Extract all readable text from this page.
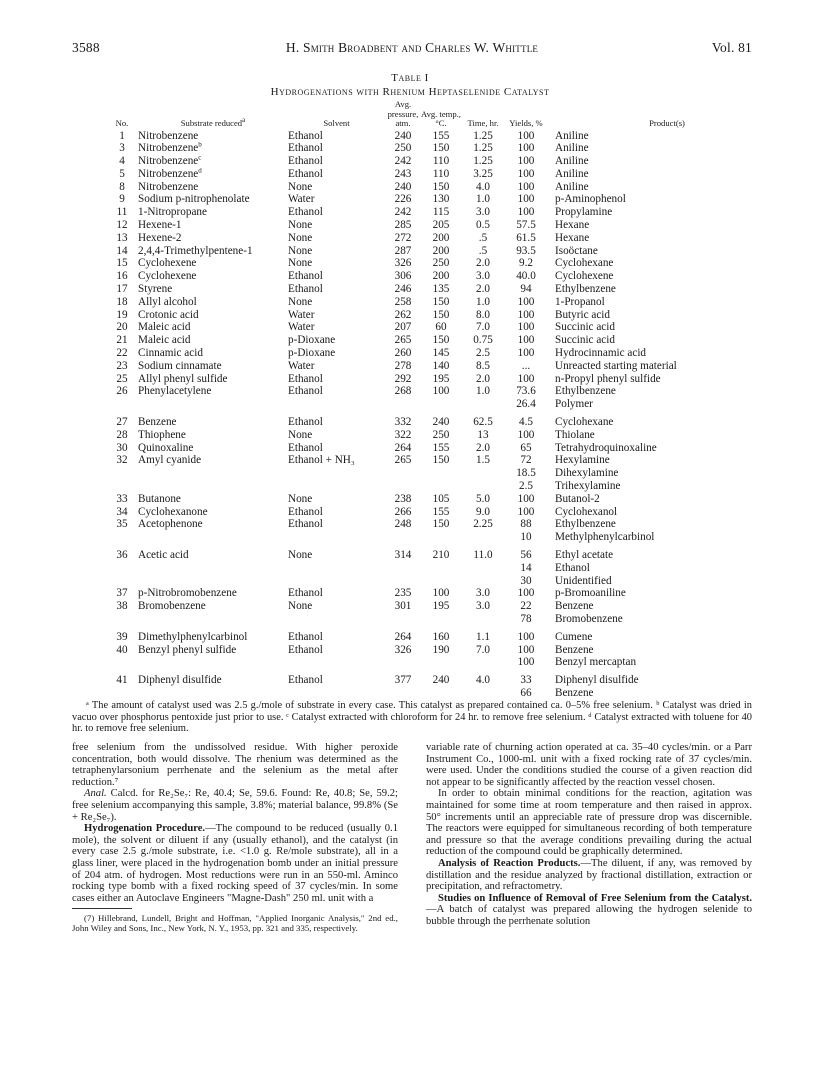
3588	H. Smith Broadbent and Charles W. Whittle	Vol. 81
Table I
Hydrogenations with Rhenium Heptaselenide Catalyst
No.	Substrate reduced$^a$	Solvent	Avg. pressure, atm.	Avg. temp., °C.	Time, hr.	Yields, %	Product(s)
1	Nitrobenzene	Ethanol	240	155	1.25	100	Aniline
3	Nitrobenzene$^b$	Ethanol	250	150	1.25	100	Aniline
4	Nitrobenzene$^c$	Ethanol	242	110	1.25	100	Aniline
5	Nitrobenzene$^d$	Ethanol	243	110	3.25	100	Aniline
8	Nitrobenzene	None	240	150	4.0	100	Aniline
9	Sodium p-nitrophenolate	Water	226	130	1.0	100	p-Aminophenol
11	1-Nitropropane	Ethanol	242	115	3.0	100	Propylamine
12	Hexene-1	None	285	205	0.5	57.5	Hexane
13	Hexene-2	None	272	200	.5	61.5	Hexane
14	2,4,4-Trimethylpentene-1	None	287	200	.5	93.5	Isoöctane
15	Cyclohexene	None	326	250	2.0	9.2	Cyclohexane
16	Cyclohexene	Ethanol	306	200	3.0	40.0	Cyclohexene
17	Styrene	Ethanol	246	135	2.0	94	Ethylbenzene
18	Allyl alcohol	None	258	150	1.0	100	1-Propanol
19	Crotonic acid	Water	262	150	8.0	100	Butyric acid
20	Maleic acid	Water	207	60	7.0	100	Succinic acid
21	Maleic acid	p-Dioxane	265	150	0.75	100	Succinic acid
22	Cinnamic acid	p-Dioxane	260	145	2.5	100	Hydrocinnamic acid
23	Sodium cinnamate	Water	278	140	8.5	...	Unreacted starting material
25	Allyl phenyl sulfide	Ethanol	292	195	2.0	100	n-Propyl phenyl sulfide
26	Phenylacetylene	Ethanol	268	100	1.0	73.6	Ethylbenzene
						26.4	Polymer
27	Benzene	Ethanol	332	240	62.5	4.5	Cyclohexane
28	Thiophene	None	322	250	13	100	Thiolane
30	Quinoxaline	Ethanol	264	155	2.0	65	Tetrahydroquinoxaline
32	Amyl cyanide	Ethanol + NH₃	265	150	1.5	72	Hexylamine
						18.5	Dihexylamine
						2.5	Trihexylamine
33	Butanone	None	238	105	5.0	100	Butanol-2
34	Cyclohexanone	Ethanol	266	155	9.0	100	Cyclohexanol
35	Acetophenone	Ethanol	248	150	2.25	88	Ethylbenzene
						10	Methylphenylcarbinol
36	Acetic acid	None	314	210	11.0	56	Ethyl acetate
						14	Ethanol
						30	Unidentified
37	p-Nitrobromobenzene	Ethanol	235	100	3.0	100	p-Bromoaniline
38	Bromobenzene	None	301	195	3.0	22	Benzene
						78	Bromobenzene
39	Dimethylphenylcarbinol	Ethanol	264	160	1.1	100	Cumene
40	Benzyl phenyl sulfide	Ethanol	326	190	7.0	100	Benzene
						100	Benzyl mercaptan
41	Diphenyl disulfide	Ethanol	377	240	4.0	33	Diphenyl disulfide
						66	Benzene

ᵃ The amount of catalyst used was 2.5 g./mole of substrate in every case. This catalyst as prepared contained ca. 0–5% free selenium. ᵇ Catalyst was dried in vacuo over phosphorus pentoxide just prior to use. ᶜ Catalyst extracted with chloroform for 24 hr. to remove free selenium. ᵈ Catalyst extracted with toluene for 40 hr. to remove free selenium.

free selenium from the undissolved residue. With higher peroxide concentration, both would dissolve. The rhenium was determined as the tetraphenylarsonium perrhenate and the selenium as the metal after reduction.⁷

Anal. Calcd. for Re₂Se₇: Re, 40.4; Se, 59.6. Found: Re, 40.8; Se, 59.2; free selenium accompanying this sample, 3.8%; material balance, 99.8% (Se + Re₂Se₇).

Hydrogenation Procedure.—The compound to be reduced (usually 0.1 mole), the solvent or diluent if any (usually ethanol), and the catalyst (in every case 2.5 g./mole substrate, i.e. <1.0 g. Re/mole substrate), all in a glass liner, were placed in the hydrogenation bomb under an initial pressure of 204 atm. of hydrogen. Most reductions were run in an 550-ml. Aminco rocking type bomb with a fixed rocking speed of 37 cycles/min. In some cases either an Autoclave Engineers "Magne-Dash" 250 ml. unit with a

(7) Hillebrand, Lundell, Bright and Hoffman, "Applied Inorganic Analysis," 2nd ed., John Wiley and Sons, Inc., New York, N. Y., 1953, pp. 321 and 335, respectively.

variable rate of churning action operated at ca. 35–40 cycles/min. or a Parr Instrument Co., 1000-ml. unit with a fixed rocking rate of 37 cycles/min. were used. Under the conditions studied the course of a given reaction did not appear to be significantly affected by the reaction vessel chosen.

In order to obtain minimal conditions for the reaction, agitation was maintained for some time at room temperature and then raised in approx. 50° increments until an appreciable rate of pressure drop was discernible. The reactors were equipped for simultaneous recording of both temperature and pressure so that the average conditions prevailing during the actual reduction of the compound could be graphically determined.

Analysis of Reaction Products.—The diluent, if any, was removed by distillation and the residue analyzed by fractional distillation, extraction or precipitation, and refractometry.

Studies on Influence of Removal of Free Selenium from the Catalyst.—A batch of catalyst was prepared allowing the hydrogen selenide to bubble through the perrhenate solution
